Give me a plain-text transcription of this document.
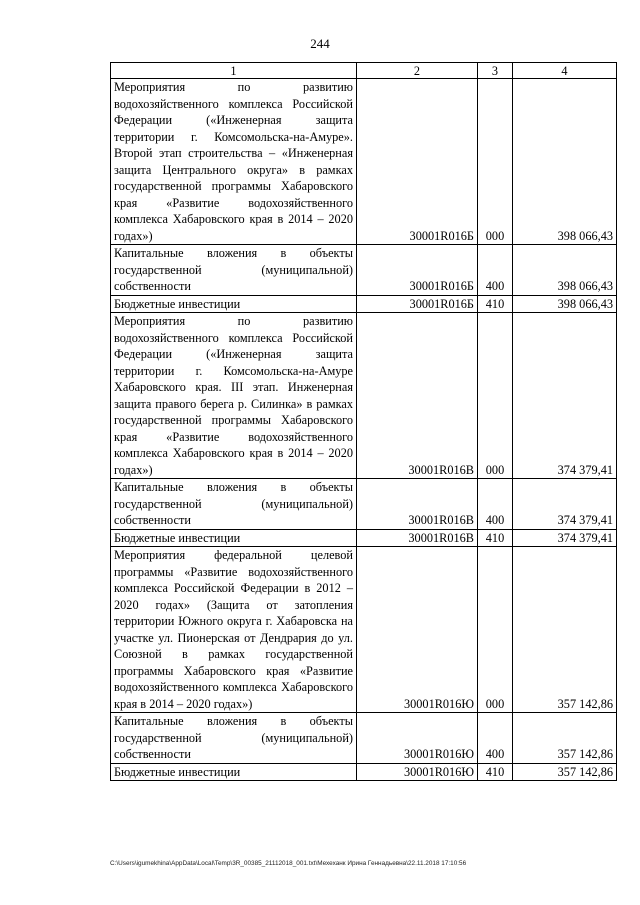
244
1	2	3	4
Мероприятия по развитию водохозяйственного комплекса Российской Федерации («Инженерная защита территории г. Комсомольска-на-Амуре». Второй этап строительства – «Инженерная защита Центрального округа» в рамках государственной программы Хабаровского края «Развитие водохозяйственного комплекса Хабаровского края в 2014 – 2020 годах»)	30001R016Б	000	398 066,43
Капитальные вложения в объекты государственной (муниципальной) собственности	30001R016Б	400	398 066,43
Бюджетные инвестиции	30001R016Б	410	398 066,43
Мероприятия по развитию водохозяйственного комплекса Российской Федерации («Инженерная защита территории г. Комсомольска-на-Амуре Хабаровского края. III этап. Инженерная защита правого берега р. Силинка» в рамках государственной программы Хабаровского края «Развитие водохозяйственного комплекса Хабаровского края в 2014 – 2020 годах»)	30001R016В	000	374 379,41
Капитальные вложения в объекты государственной (муниципальной) собственности	30001R016В	400	374 379,41
Бюджетные инвестиции	30001R016В	410	374 379,41
Мероприятия федеральной целевой программы «Развитие водохозяйственного комплекса Российской Федерации в 2012 – 2020 годах» (Защита от затопления территории Южного округа г. Хабаровска на участке ул. Пионерская от Дендрария до ул. Союзной в рамках государственной программы Хабаровского края «Развитие водохозяйственного комплекса Хабаровского края в 2014 – 2020 годах»)	30001R016Ю	000	357 142,86
Капитальные вложения в объекты государственной (муниципальной) собственности	30001R016Ю	400	357 142,86
Бюджетные инвестиции	30001R016Ю	410	357 142,86
C:\Users\igumekhina\AppData\Local\Temp\3R_00385_21112018_001.txt\Мехеханк Ирина Геннадьевна\22.11.2018 17:10:56
